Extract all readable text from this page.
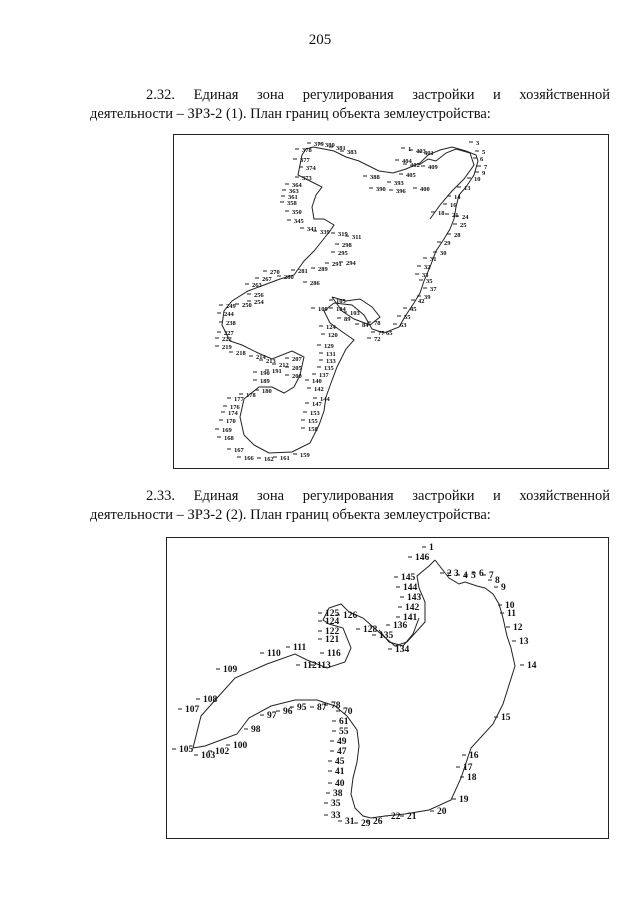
205
2.32. Единая зона регулирования застройки и хозяйственной
деятельности – ЗРЗ-2 (1). План границ объекта землеустройства:
379 380 381
383
378
377
374
373
364
363
361
358
350
345
341 339 319 311
298
295
294
291
289
286
281
280
270
267
263
256
254
250
249
244
238
227
222
219
218
214
213
212
207
205
200
191
190
189
180
178
177
176
174
170
169
168
167
166 162 161 159
158
155
153
147
144
142
140
137
135
133
131
129
124
120
109
105
104
103
89
84 78
77
72
65
63
55
45
42
39
37
35
33
32
31
30
29
28
25
24
21
18
16
14
13
10
9
7
6
5
3
1 403
404
402
401
409
405
400
396
393
390
388
2.33. Единая зона регулирования застройки и хозяйственной
деятельности – ЗРЗ-2 (2). План границ объекта землеустройства:
1
2 3 4 5 6 7 8
9
10
11
12
13
14
15
16
17
18
19
20
21
22
26
29
31
33
35
38
40
41
45
47
49
55
61
70
78
87
95
96
97
98
100
102
103
105
107
108
109
110
111
112 113
116
121
122
124
125 126
128
134
135
136
141
142
143
144
145
146
